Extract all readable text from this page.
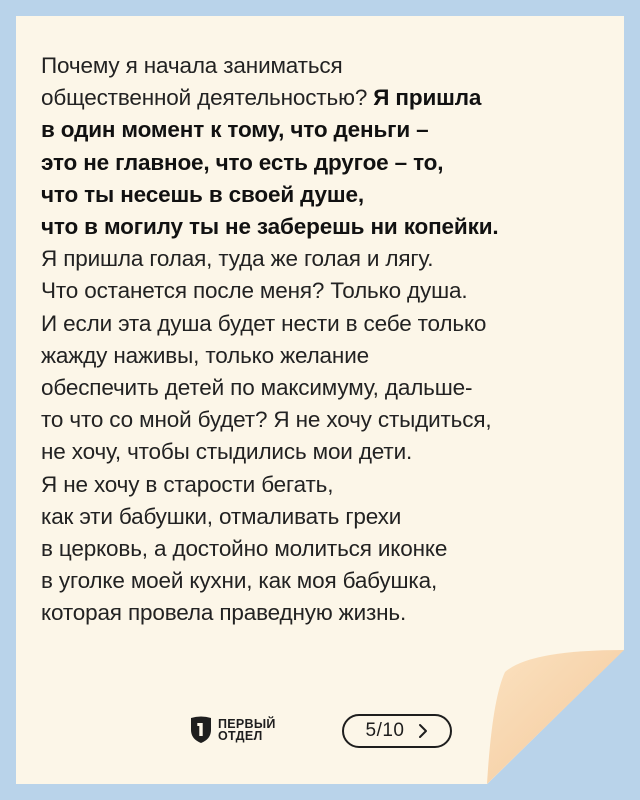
Почему я начала заниматься
общественной деятельностью? Я пришла
в один момент к тому, что деньги –
это не главное, что есть другое – то,
что ты несешь в своей душе,
что в могилу ты не заберешь ни копейки.
Я пришла голая, туда же голая и лягу.
Что останется после меня? Только душа.
И если эта душа будет нести в себе только
жажду наживы, только желание
обеспечить детей по максимуму, дальше-
то что со мной будет? Я не хочу стыдиться,
не хочу, чтобы стыдились мои дети.
Я не хочу в старости бегать,
как эти бабушки, отмаливать грехи
в церковь, а достойно молиться иконке
в уголке моей кухни, как моя бабушка,
которая провела праведную жизнь.
ПЕРВЫЙ
ОТДЕЛ	5/10
